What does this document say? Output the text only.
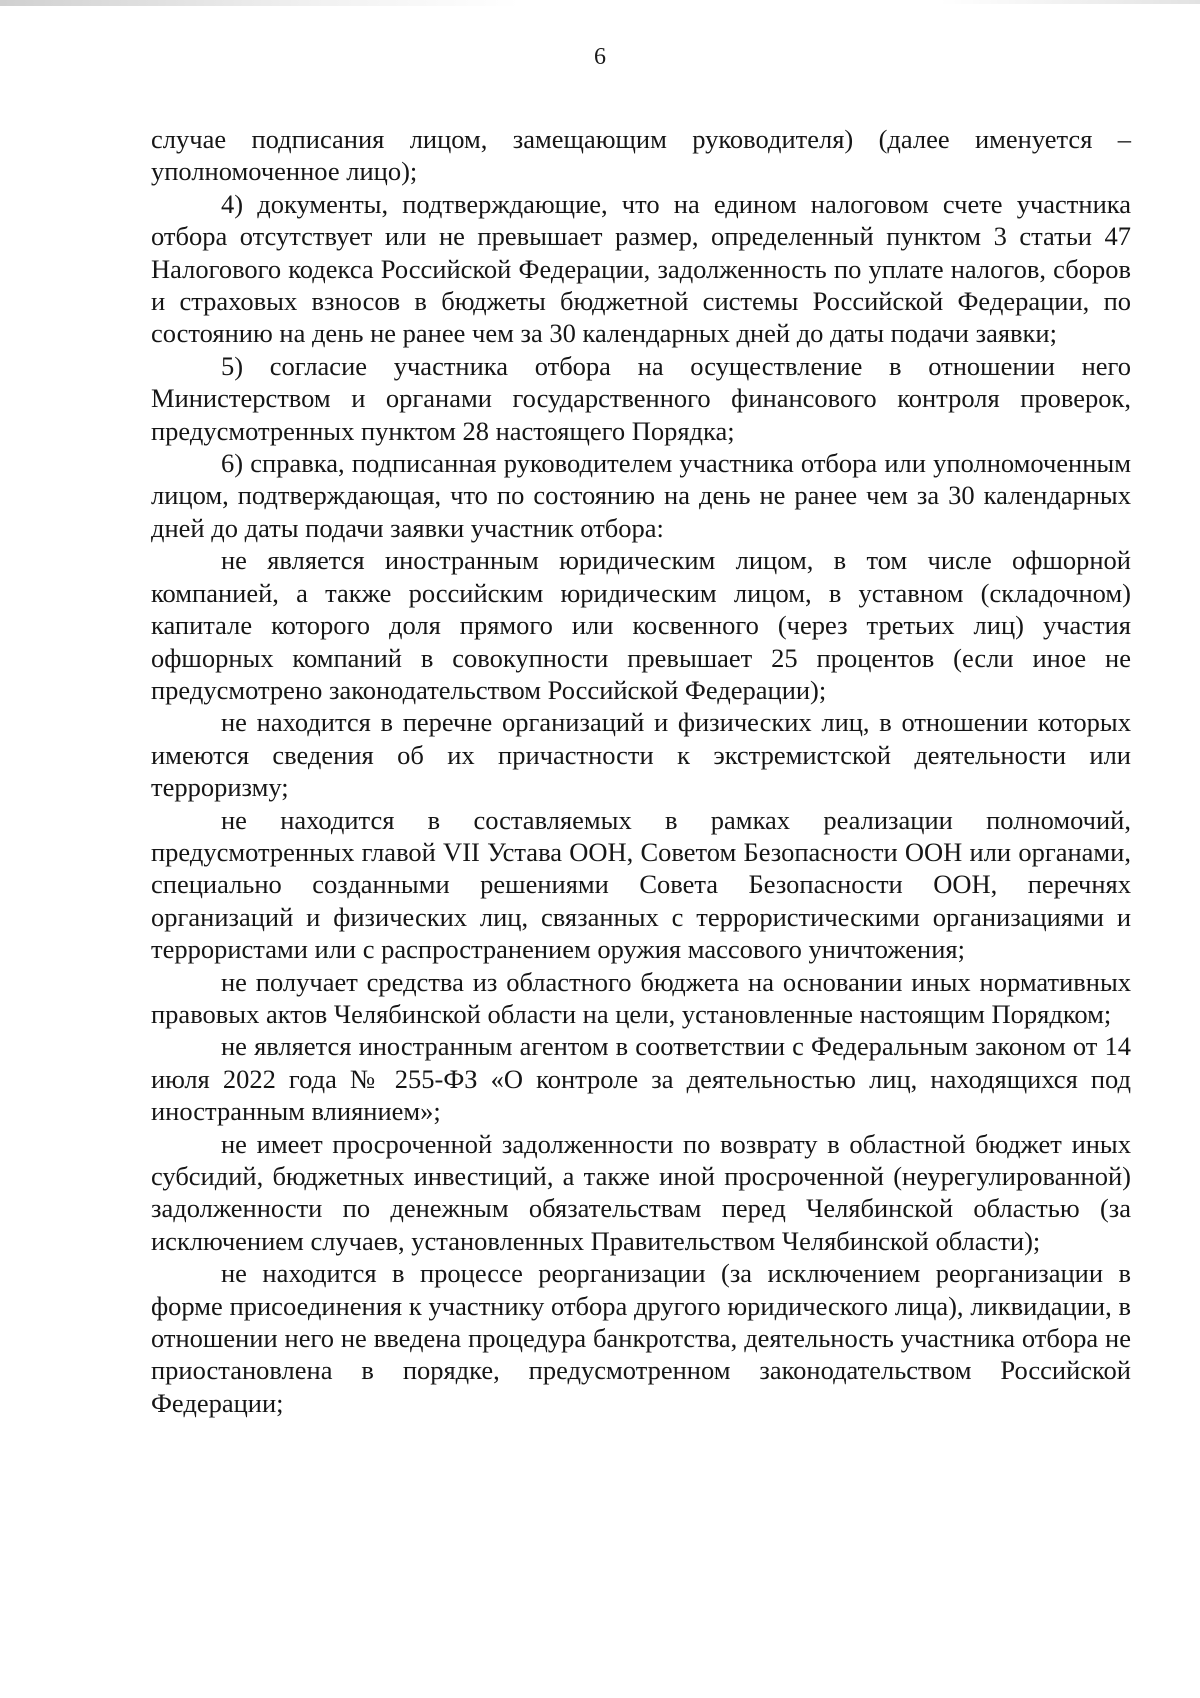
6

случае подписания лицом, замещающим руководителя) (далее именуется – уполномоченное лицо);

4) документы, подтверждающие, что на едином налоговом счете участника отбора отсутствует или не превышает размер, определенный пунктом 3 статьи 47 Налогового кодекса Российской Федерации, задолженность по уплате налогов, сборов и страховых взносов в бюджеты бюджетной системы Российской Федерации, по состоянию на день не ранее чем за 30 календарных дней до даты подачи заявки;

5) согласие участника отбора на осуществление в отношении него Министерством и органами государственного финансового контроля проверок, предусмотренных пунктом 28 настоящего Порядка;

6) справка, подписанная руководителем участника отбора или уполномоченным лицом, подтверждающая, что по состоянию на день не ранее чем за 30 календарных дней до даты подачи заявки участник отбора:

не является иностранным юридическим лицом, в том числе офшорной компанией, а также российским юридическим лицом, в уставном (складочном) капитале которого доля прямого или косвенного (через третьих лиц) участия офшорных компаний в совокупности превышает 25 процентов (если иное не предусмотрено законодательством Российской Федерации);

не находится в перечне организаций и физических лиц, в отношении которых имеются сведения об их причастности к экстремистской деятельности или терроризму;

не находится в составляемых в рамках реализации полномочий, предусмотренных главой VII Устава ООН, Советом Безопасности ООН или органами, специально созданными решениями Совета Безопасности ООН, перечнях организаций и физических лиц, связанных с террористическими организациями и террористами или с распространением оружия массового уничтожения;

не получает средства из областного бюджета на основании иных нормативных правовых актов Челябинской области на цели, установленные настоящим Порядком;

не является иностранным агентом в соответствии с Федеральным законом от 14 июля 2022 года № 255-ФЗ «О контроле за деятельностью лиц, находящихся под иностранным влиянием»;

не имеет просроченной задолженности по возврату в областной бюджет иных субсидий, бюджетных инвестиций, а также иной просроченной (неурегулированной) задолженности по денежным обязательствам перед Челябинской областью (за исключением случаев, установленных Правительством Челябинской области);

не находится в процессе реорганизации (за исключением реорганизации в форме присоединения к участнику отбора другого юридического лица), ликвидации, в отношении него не введена процедура банкротства, деятельность участника отбора не приостановлена в порядке, предусмотренном законодательством Российской Федерации;
